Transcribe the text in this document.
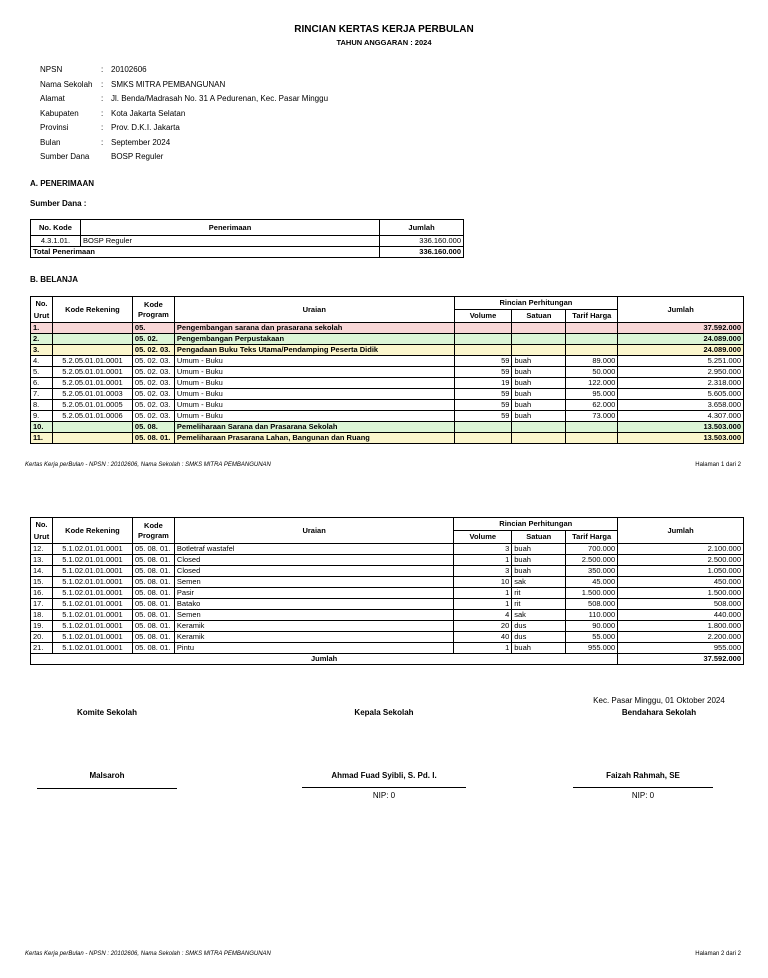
RINCIAN KERTAS KERJA PERBULAN
TAHUN ANGGARAN : 2024
NPSN	: 20102606
Nama Sekolah	: SMKS MITRA PEMBANGUNAN
Alamat	: Jl. Benda/Madrasah No. 31 A Pedurenan, Kec. Pasar Minggu
Kabupaten	: Kota Jakarta Selatan
Provinsi	: Prov. D.K.I. Jakarta
Bulan	: September 2024
Sumber Dana	BOSP Reguler
A. PENERIMAAN
Sumber Dana :
No. Kode	Penerimaan	Jumlah
4.3.1.01.	BOSP Reguler	336.160.000
Total Penerimaan		336.160.000
B. BELANJA
No.
Urut	Kode Rekening	Kode
Program	Uraian	Rincian Perhitungan			Jumlah
				Volume	Satuan	Tarif Harga	
1.		05.	Pengembangan sarana dan prasarana sekolah				37.592.000
2.		05. 02.	Pengembangan Perpustakaan				24.089.000
3.		05. 02. 03.	Pengadaan Buku Teks Utama/Pendamping Peserta Didik				24.089.000
4.	5.2.05.01.01.0001	05. 02. 03.	Umum - Buku	59	buah	89.000	5.251.000
5.	5.2.05.01.01.0001	05. 02. 03.	Umum - Buku	59	buah	50.000	2.950.000
6.	5.2.05.01.01.0001	05. 02. 03.	Umum - Buku	19	buah	122.000	2.318.000
7.	5.2.05.01.01.0003	05. 02. 03.	Umum - Buku	59	buah	95.000	5.605.000
8.	5.2.05.01.01.0005	05. 02. 03.	Umum - Buku	59	buah	62.000	3.658.000
9.	5.2.05.01.01.0006	05. 02. 03.	Umum - Buku	59	buah	73.000	4.307.000
10.		05. 08.	Pemeliharaan Sarana dan Prasarana Sekolah				13.503.000
11.		05. 08. 01.	Pemeliharaan Prasarana Lahan, Bangunan dan Ruang				13.503.000
Kertas Kerja perBulan - NPSN : 20102606, Nama Sekolah : SMKS MITRA PEMBANGUNAN	Halaman 1 dari 2
No.
Urut	Kode Rekening	Kode
Program	Uraian	Rincian Perhitungan			Jumlah
				Volume	Satuan	Tarif Harga	
12.	5.1.02.01.01.0001	05. 08. 01.	Botletraf wastafel	3	buah	700.000	2.100.000
13.	5.1.02.01.01.0001	05. 08. 01.	Closed	1	buah	2.500.000	2.500.000
14.	5.1.02.01.01.0001	05. 08. 01.	Closed	3	buah	350.000	1.050.000
15.	5.1.02.01.01.0001	05. 08. 01.	Semen	10	sak	45.000	450.000
16.	5.1.02.01.01.0001	05. 08. 01.	Pasir	1	rit	1.500.000	1.500.000
17.	5.1.02.01.01.0001	05. 08. 01.	Batako	1	rit	508.000	508.000
18.	5.1.02.01.01.0001	05. 08. 01.	Semen	4	sak	110.000	440.000
19.	5.1.02.01.01.0001	05. 08. 01.	Keramik	20	dus	90.000	1.800.000
20.	5.1.02.01.01.0001	05. 08. 01.	Keramik	40	dus	55.000	2.200.000
21.	5.1.02.01.01.0001	05. 08. 01.	Pintu	1	buah	955.000	955.000
Jumlah							37.592.000
Kec. Pasar Minggu, 01 Oktober 2024
Komite Sekolah	Kepala Sekolah	Bendahara Sekolah
Malsaroh	Ahmad Fuad Syibli, S. Pd. I.	Faizah Rahmah, SE
NIP: 0	NIP: 0
Kertas Kerja perBulan - NPSN : 20102606, Nama Sekolah : SMKS MITRA PEMBANGUNAN	Halaman 2 dari 2
